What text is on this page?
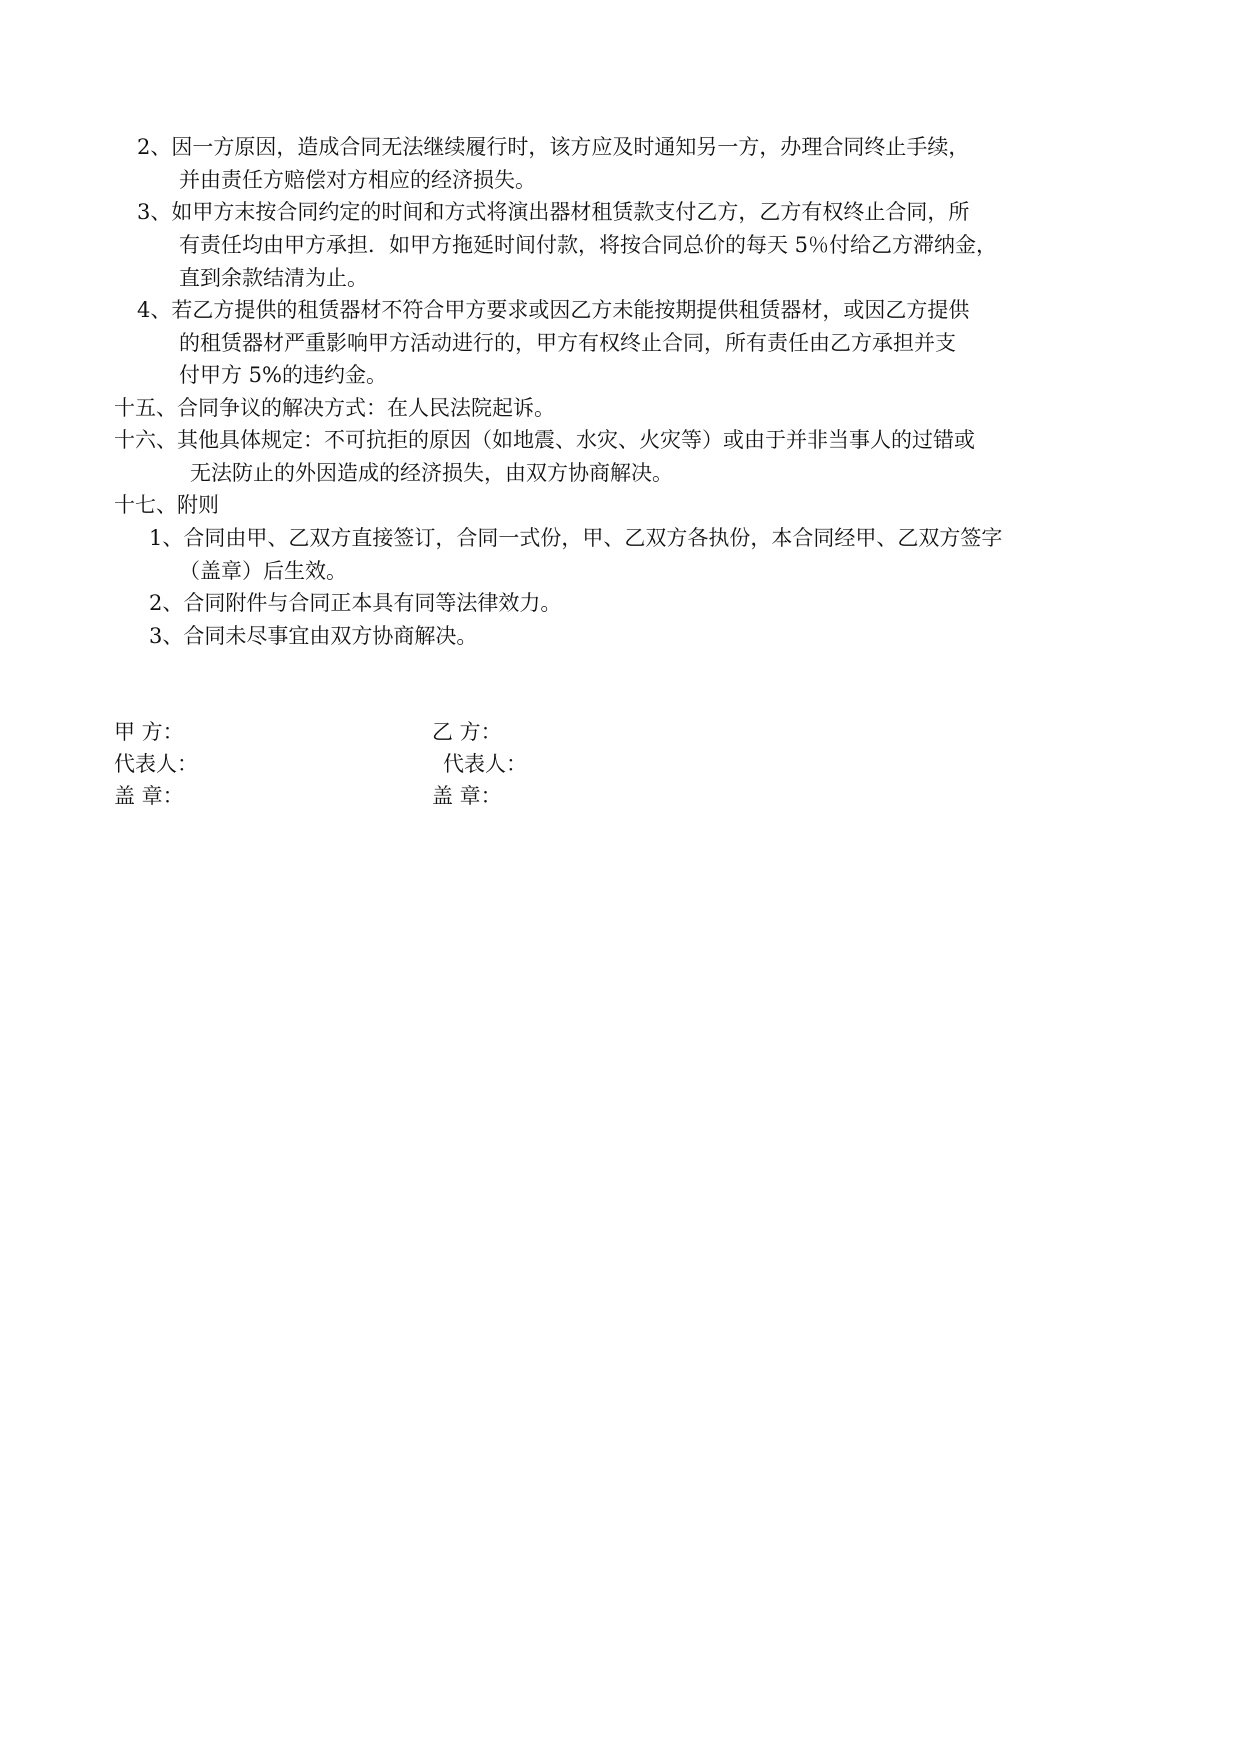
2、因一方原因，造成合同无法继续履行时，该方应及时通知另一方，办理合同终止手续，
并由责任方赔偿对方相应的经济损失。
3、如甲方末按合同约定的时间和方式将演出器材租赁款支付乙方，乙方有权终止合同，所
有责任均由甲方承担．如甲方拖延时间付款，将按合同总价的每天 5％付给乙方滞纳金，
直到余款结清为止。
4、若乙方提供的租赁器材不符合甲方要求或因乙方未能按期提供租赁器材，或因乙方提供
的租赁器材严重影响甲方活动进行的，甲方有权终止合同，所有责任由乙方承担并支
付甲方 5%的违约金。
十五、合同争议的解决方式：在人民法院起诉。
十六、其他具体规定：不可抗拒的原因（如地震、水灾、火灾等）或由于并非当事人的过错或
无法防止的外因造成的经济损失，由双方协商解决。
十七、附则
1、合同由甲、乙双方直接签订，合同一式份，甲、乙双方各执份，本合同经甲、乙双方签字
（盖章）后生效。
2、合同附件与合同正本具有同等法律效力。
3、合同未尽事宜由双方协商解决。
甲 方：	乙 方：
代表人：	代表人：
盖 章：	盖 章：
